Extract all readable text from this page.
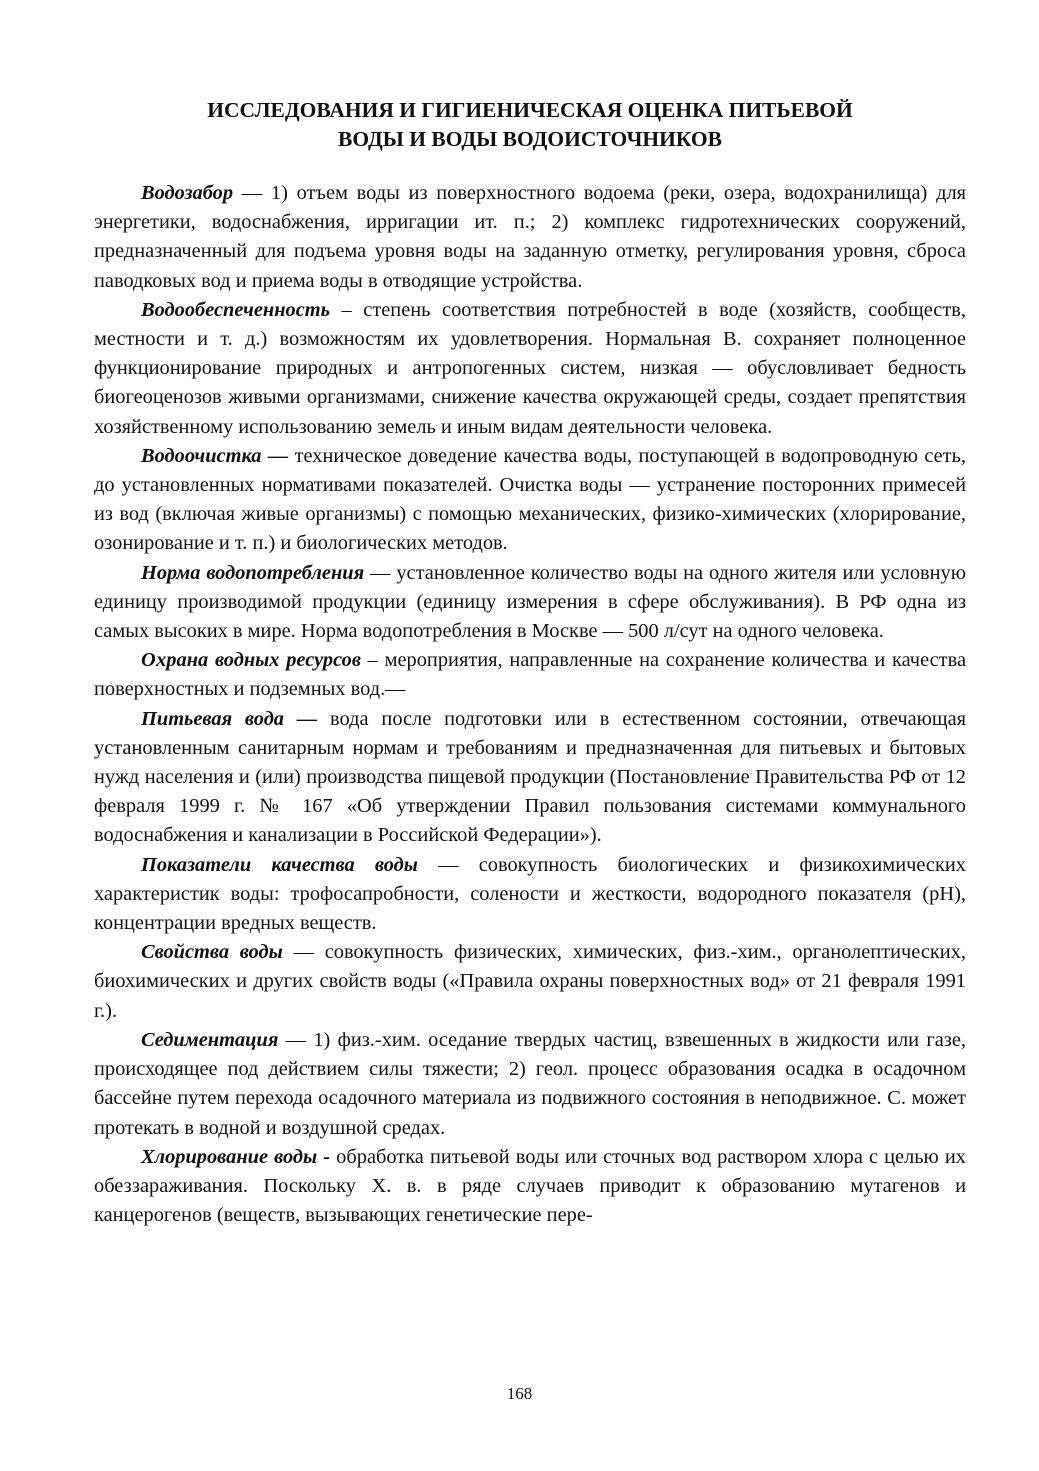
ИССЛЕДОВАНИЯ И ГИГИЕНИЧЕСКАЯ ОЦЕНКА ПИТЬЕВОЙ
ВОДЫ И ВОДЫ ВОДОИСТОЧНИКОВ

Водозабор — 1) отъем воды из поверхностного водоема (реки, озера, водохранилища) для энергетики, водоснабжения, ирригации ит. п.; 2) комплекс гидротехнических сооружений, предназначенный для подъема уровня воды на заданную отметку, регулирования уровня, сброса паводковых вод и приема воды в отводящие устройства.

Водообеспеченность – степень соответствия потребностей в воде (хозяйств, сообществ, местности и т. д.) возможностям их удовлетворения. Нормальная В. сохраняет полноценное функционирование природных и антропогенных систем, низкая — обусловливает бедность биогеоценозов живыми организмами, снижение качества окружающей среды, создает препятствия хозяйственному использованию земель и иным видам деятельности человека.

Водоочистка — техническое доведение качества воды, поступающей в водопроводную сеть, до установленных нормативами показателей. Очистка воды — устранение посторонних примесей из вод (включая живые организмы) с помощью механических, физико-химических (хлорирование, озонирование и т. п.) и биологических методов.

Норма водопотребления — установленное количество воды на одного жителя или условную единицу производимой продукции (единицу измерения в сфере обслуживания). В РФ одна из самых высоких в мире. Норма водопотребления в Москве — 500 л/сут на одного человека.

Охрана водных ресурсов – мероприятия, направленные на сохранение количества и качества поверхностных и подземных вод.—

Питьевая вода — вода после подготовки или в естественном состоянии, отвечающая установленным санитарным нормам и требованиям и предназначенная для питьевых и бытовых нужд населения и (или) производства пищевой продукции (Постановление Правительства РФ от 12 февраля 1999 г. № 167 «Об утверждении Правил пользования системами коммунального водоснабжения и канализации в Российской Федерации»).

Показатели качества воды — совокупность биологических и физикохимических характеристик воды: трофосапробности, солености и жесткости, водородного показателя (рН), концентрации вредных веществ.

Свойства воды — совокупность физических, химических, физ.-хим., органолептических, биохимических и других свойств воды («Правила охраны поверхностных вод» от 21 февраля 1991 г.).

Седиментация — 1) физ.-хим. оседание твердых частиц, взвешенных в жидкости или газе, происходящее под действием силы тяжести; 2) геол. процесс образования осадка в осадочном бассейне путем перехода осадочного материала из подвижного состояния в неподвижное. С. может протекать в водной и воздушной средах.

Хлорирование воды - обработка питьевой воды или сточных вод раствором хлора с целью их обеззараживания. Поскольку Х. в. в ряде случаев приводит к образованию мутагенов и канцерогенов (веществ, вызывающих генетические пере-

168
